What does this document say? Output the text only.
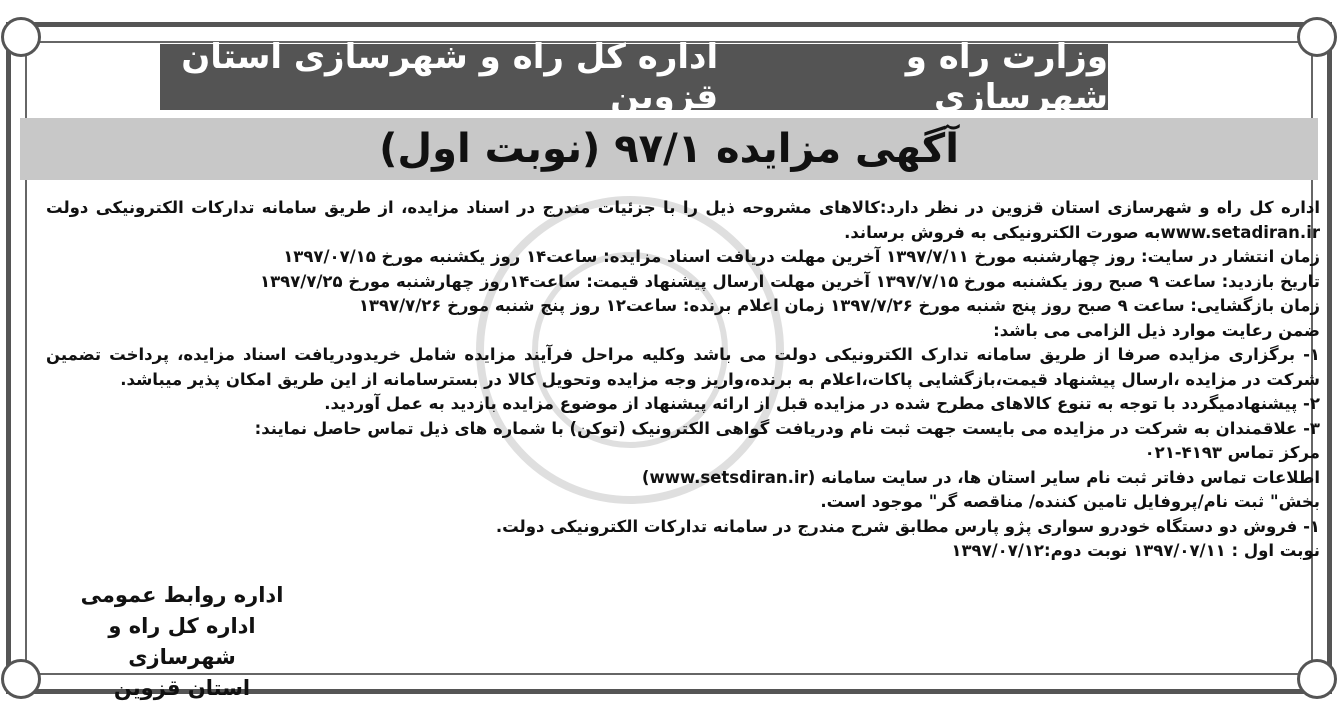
وزارت راه و شهرسازی
اداره کل راه و شهرسازی استان قزوین
آگهی مزایده ۹۷/۱ (نوبت اول)

اداره کل راه و شهرسازی استان قزوین در نظر دارد:کالاهای مشروحه ذیل را با جزئیات مندرج در اسناد مزایده، از طریق سامانه تدارکات الکترونیکی دولت www.setadiran.irبه صورت الکترونیکی به فروش برساند.

زمان انتشار در سایت: روز چهارشنبه مورخ ۱۳۹۷/۷/۱۱ آخرین مهلت دریافت اسناد مزایده: ساعت۱۴ روز یکشنبه مورخ ۱۳۹۷/۰۷/۱۵

تاریخ بازدید: ساعت ۹ صبح روز یکشنبه مورخ ۱۳۹۷/۷/۱۵ آخرین مهلت ارسال پیشنهاد قیمت: ساعت۱۴روز چهارشنبه مورخ ۱۳۹۷/۷/۲۵

زمان بازگشایی: ساعت ۹ صبح روز پنج شنبه مورخ ۱۳۹۷/۷/۲۶ زمان اعلام برنده: ساعت۱۲ روز پنج شنبه مورخ ۱۳۹۷/۷/۲۶

ضمن رعایت موارد ذیل الزامی می باشد:

۱- برگزاری مزایده صرفا از طریق سامانه تدارک الکترونیکی دولت می باشد وکلیه مراحل فرآیند مزایده شامل خریدودریافت اسناد مزایده، پرداخت تضمین شرکت در مزایده ،ارسال پیشنهاد قیمت،بازگشایی پاکات،اعلام به برنده،واریز وجه مزایده وتحویل کالا در بسترسامانه از این طریق امکان پذیر میباشد.

۲- پیشنهادمیگردد با توجه به تنوع کالاهای مطرح شده در مزایده قبل از ارائه پیشنهاد از موضوع مزایده بازدید به عمل آوردید.

۳- علاقمندان به شرکت در مزایده می بایست جهت ثبت نام ودریافت گواهی الکترونیک (توکن) با شماره های ذیل تماس حاصل نمایند:

مرکز تماس ۴۱۹۳-۰۲۱

اطلاعات تماس دفاتر ثبت نام سایر استان ها، در سایت سامانه (www.setsdiran.ir)

بخش" ثبت نام/پروفایل تامین کننده/ مناقصه گر" موجود است.

۱- فروش دو دستگاه خودرو سواری پژو پارس مطابق شرح مندرج در سامانه تدارکات الکترونیکی دولت.

نوبت اول : ۱۳۹۷/۰۷/۱۱ نوبت دوم:۱۳۹۷/۰۷/۱۲

اداره روابط عمومی
اداره کل راه و شهرسازی
استان قزوین
